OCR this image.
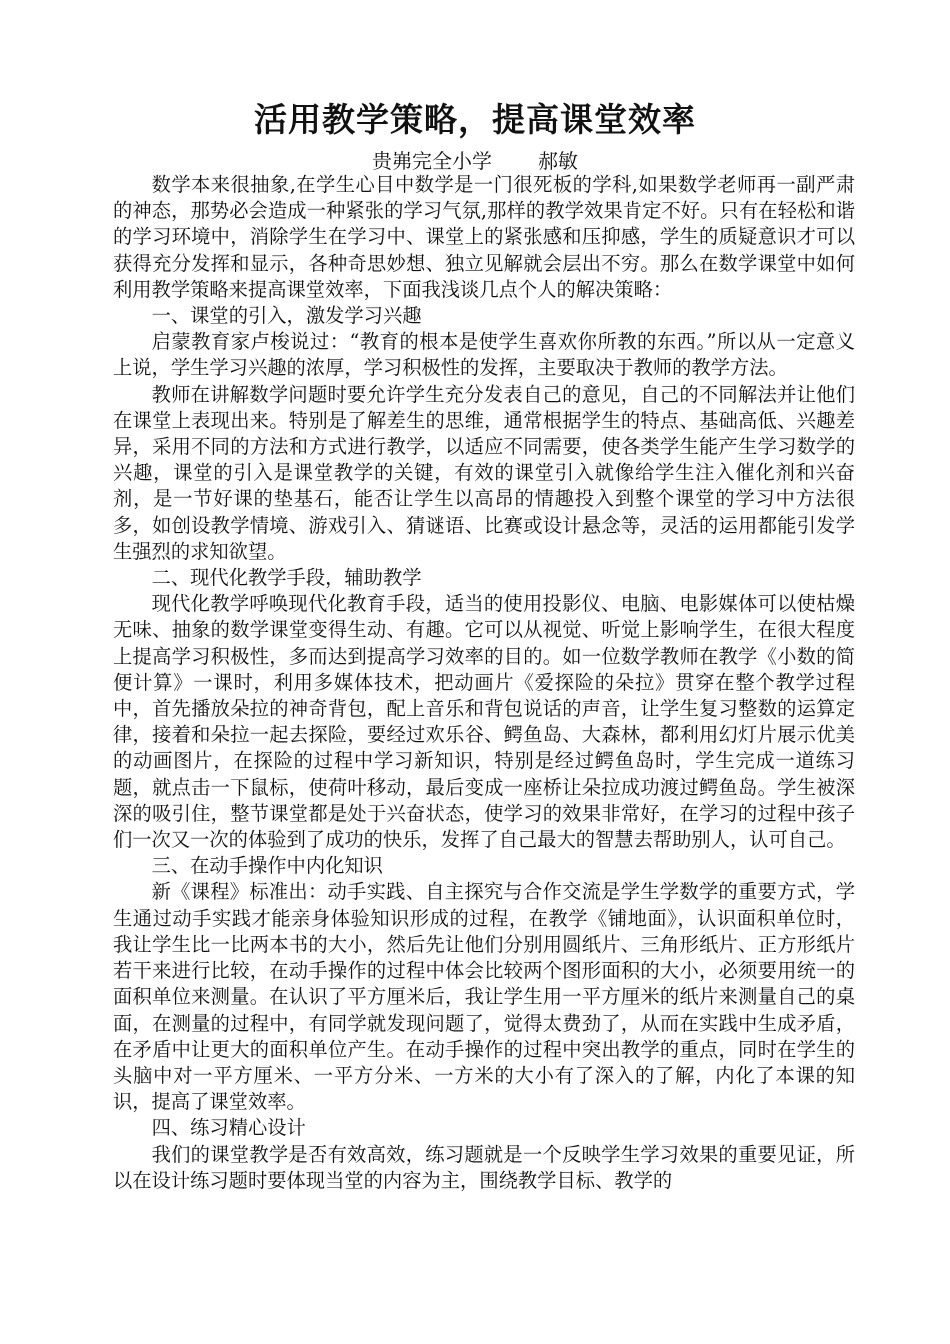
活用教学策略，提高课堂效率
贵岪完全小学 郝敏

数学本来很抽象,在学生心目中数学是一门很死板的学科,如果数学老师再一副严肃的神态，那势必会造成一种紧张的学习气氛,那样的教学效果肯定不好。只有在轻松和谐的学习环境中，消除学生在学习中、课堂上的紧张感和压抑感，学生的质疑意识才可以获得充分发挥和显示，各种奇思妙想、独立见解就会层出不穷。那么在数学课堂中如何利用教学策略来提高课堂效率，下面我浅谈几点个人的解决策略：

一、课堂的引入，激发学习兴趣

启蒙教育家卢梭说过：“教育的根本是使学生喜欢你所教的东西。”所以从一定意义上说，学生学习兴趣的浓厚，学习积极性的发挥，主要取决于教师的教学方法。

教师在讲解数学问题时要允许学生充分发表自己的意见，自己的不同解法并让他们在课堂上表现出来。特别是了解差生的思维，通常根据学生的特点、基础高低、兴趣差异，采用不同的方法和方式进行教学，以适应不同需要，使各类学生能产生学习数学的兴趣，课堂的引入是课堂教学的关键，有效的课堂引入就像给学生注入催化剂和兴奋剂，是一节好课的垫基石，能否让学生以高昂的情趣投入到整个课堂的学习中方法很多，如创设教学情境、游戏引入、猜谜语、比赛或设计悬念等，灵活的运用都能引发学生强烈的求知欲望。

二、现代化教学手段，辅助教学

现代化教学呼唤现代化教育手段，适当的使用投影仪、电脑、电影媒体可以使枯燥无味、抽象的数学课堂变得生动、有趣。它可以从视觉、听觉上影响学生，在很大程度上提高学习积极性，多而达到提高学习效率的目的。如一位数学教师在教学《小数的简便计算》一课时，利用多媒体技术，把动画片《爱探险的朵拉》贯穿在整个教学过程中，首先播放朵拉的神奇背包，配上音乐和背包说话的声音，让学生复习整数的运算定律，接着和朵拉一起去探险，要经过欢乐谷、鳄鱼岛、大森林，都利用幻灯片展示优美的动画图片，在探险的过程中学习新知识，特别是经过鳄鱼岛时，学生完成一道练习题，就点击一下鼠标，使荷叶移动，最后变成一座桥让朵拉成功渡过鳄鱼岛。学生被深深的吸引住，整节课堂都是处于兴奋状态，使学习的效果非常好，在学习的过程中孩子们一次又一次的体验到了成功的快乐，发挥了自己最大的智慧去帮助别人，认可自己。

三、在动手操作中内化知识

新《课程》标准出：动手实践、自主探究与合作交流是学生学数学的重要方式，学生通过动手实践才能亲身体验知识形成的过程，在教学《铺地面》，认识面积单位时，我让学生比一比两本书的大小，然后先让他们分别用圆纸片、三角形纸片、正方形纸片若干来进行比较，在动手操作的过程中体会比较两个图形面积的大小，必须要用统一的面积单位来测量。在认识了平方厘米后，我让学生用一平方厘米的纸片来测量自己的桌面，在测量的过程中，有同学就发现问题了，觉得太费劲了，从而在实践中生成矛盾，在矛盾中让更大的面积单位产生。在动手操作的过程中突出教学的重点，同时在学生的头脑中对一平方厘米、一平方分米、一方米的大小有了深入的了解，内化了本课的知识，提高了课堂效率。

四、练习精心设计

我们的课堂教学是否有效高效，练习题就是一个反映学生学习效果的重要见证，所以在设计练习题时要体现当堂的内容为主，围绕教学目标、教学的
